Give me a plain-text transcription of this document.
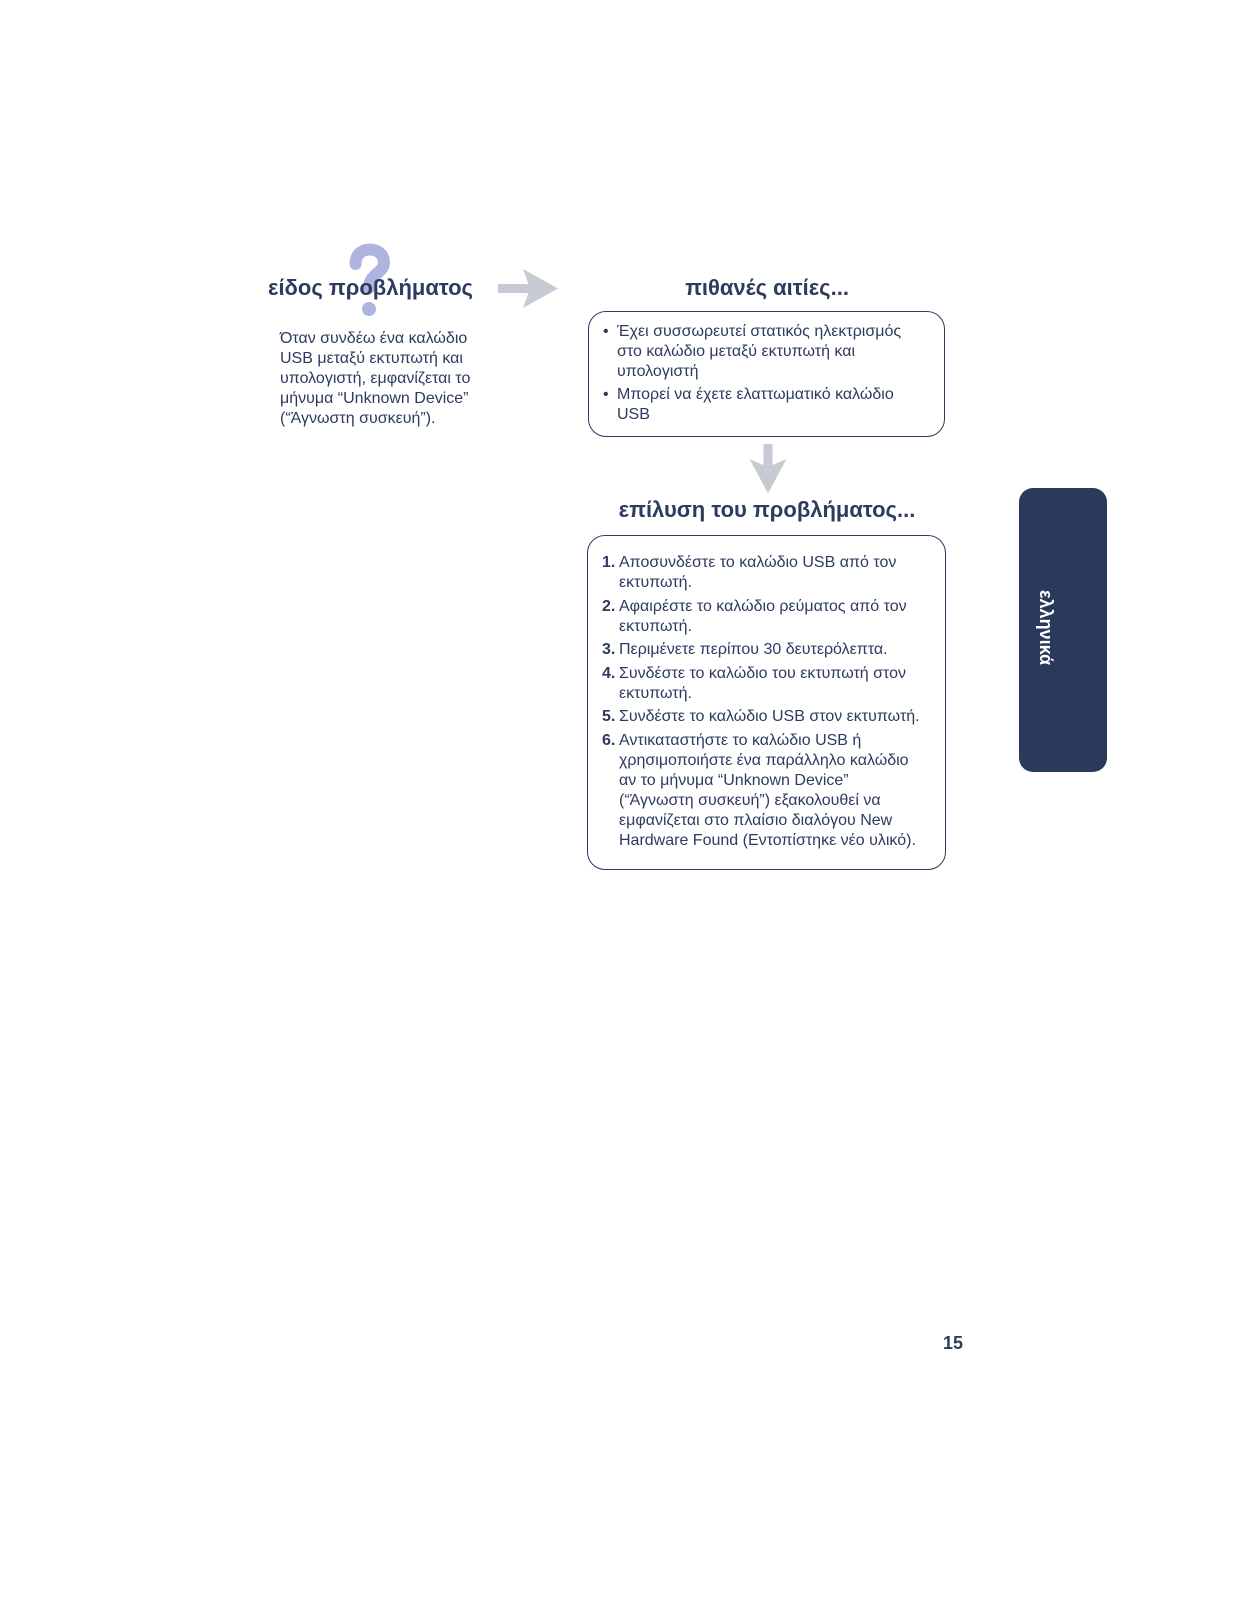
είδος προβλήματος
Όταν συνδέω ένα καλώδιο
USB μεταξύ εκτυπωτή και
υπολογιστή, εμφανίζεται το
μήνυμα “Unknown Device”
(“Άγνωστη συσκευή”).
πιθανές αιτίες...
• Έχει συσσωρευτεί στατικός ηλεκτρισμός
στο καλώδιο μεταξύ εκτυπωτή και
υπολογιστή
• Μπορεί να έχετε ελαττωματικό καλώδιο
USB
επίλυση του προβλήματος...
1. Αποσυνδέστε το καλώδιο USB από τον
εκτυπωτή.
2. Αφαιρέστε το καλώδιο ρεύματος από τον
εκτυπωτή.
3. Περιμένετε περίπου 30 δευτερόλεπτα.
4. Συνδέστε το καλώδιο του εκτυπωτή στον
εκτυπωτή.
5. Συνδέστε το καλώδιο USB στον εκτυπωτή.
6. Αντικαταστήστε το καλώδιο USB ή
χρησιμοποιήστε ένα παράλληλο καλώδιο
αν το μήνυμα “Unknown Device”
(“Άγνωστη συσκευή”) εξακολουθεί να
εμφανίζεται στο πλαίσιο διαλόγου New
Hardware Found (Εντοπίστηκε νέο υλικό).
ελληνικά
15
